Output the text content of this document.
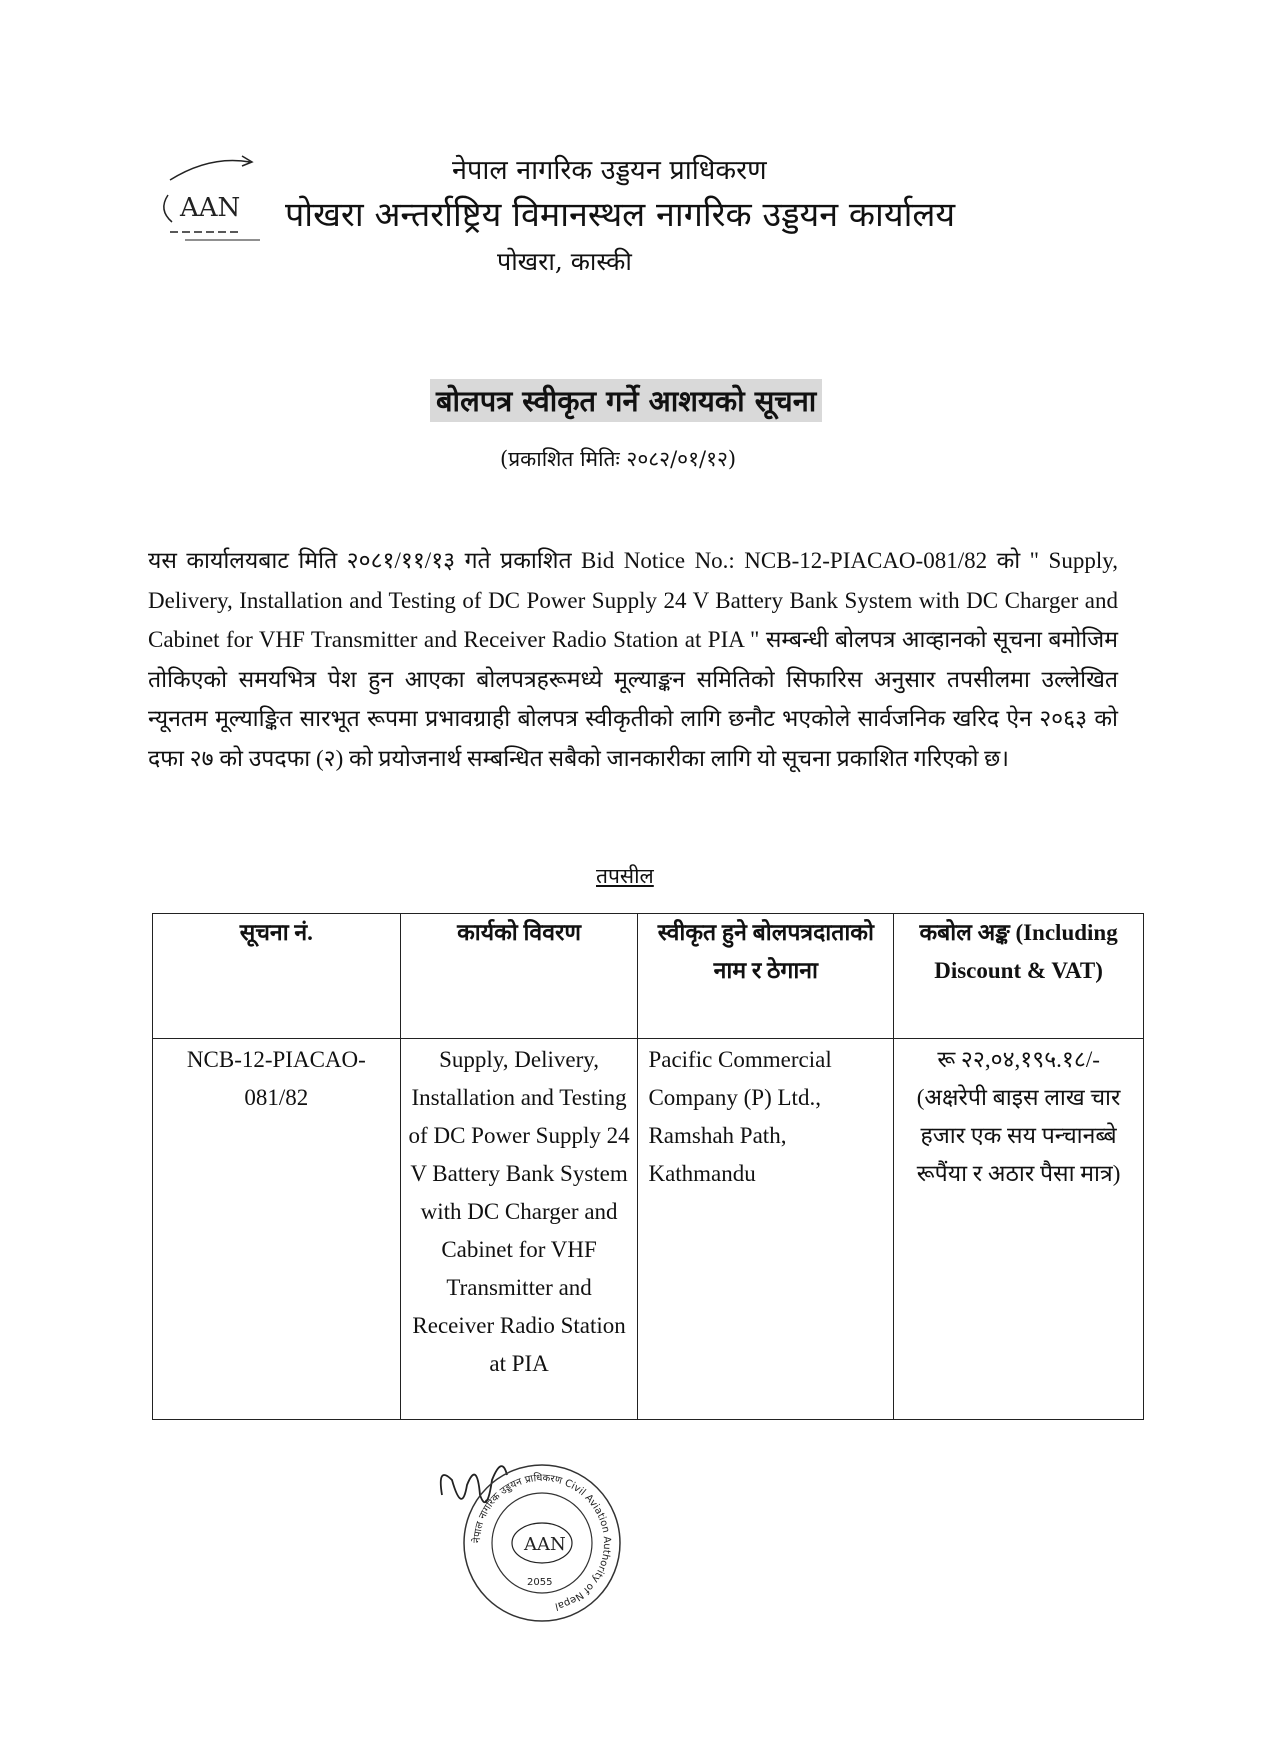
AAN
नेपाल नागरिक उड्डयन प्राधिकरण
पोखरा अन्तर्राष्ट्रिय विमानस्थल नागरिक उड्डयन कार्यालय
पोखरा, कास्की
बोलपत्र स्वीकृत गर्ने आशयको सूचना
(प्रकाशित मितिः २०८२/०१/१२)
यस कार्यालयबाट मिति २०८१/११/१३ गते प्रकाशित Bid Notice No.: NCB-12-PIACAO-081/82 को " Supply, Delivery, Installation and Testing of DC Power Supply 24 V Battery Bank System with DC Charger and Cabinet for VHF Transmitter and Receiver Radio Station at PIA " सम्बन्धी बोलपत्र आव्हानको सूचना बमोजिम तोकिएको समयभित्र पेश हुन आएका बोलपत्रहरूमध्ये मूल्याङ्कन समितिको सिफारिस अनुसार तपसीलमा उल्लेखित न्यूनतम मूल्याङ्कित सारभूत रूपमा प्रभावग्राही बोलपत्र स्वीकृतीको लागि छनौट भएकोले सार्वजनिक खरिद ऐन २०६३ को दफा २७ को उपदफा (२) को प्रयोजनार्थ सम्बन्धित सबैको जानकारीका लागि यो सूचना प्रकाशित गरिएको छ।
तपसील
सूचना नं.	कार्यको विवरण	स्वीकृत हुने बोलपत्रदाताको नाम र ठेगाना	कबोल अङ्क (Including Discount & VAT)
NCB-12-PIACAO-081/82	Supply, Delivery, Installation and Testing of DC Power Supply 24 V Battery Bank System with DC Charger and Cabinet for VHF Transmitter and Receiver Radio Station at PIA	Pacific Commercial Company (P) Ltd., Ramshah Path, Kathmandu	रू २२,०४,१९५.१८/- (अक्षरेपी बाइस लाख चार हजार एक सय पन्चानब्बे रूपैंया र अठार पैसा मात्र)
नेपाल नागरिक उड्डयन प्राधिकरण Civil Aviation Authority of Nepal
AAN
2055
